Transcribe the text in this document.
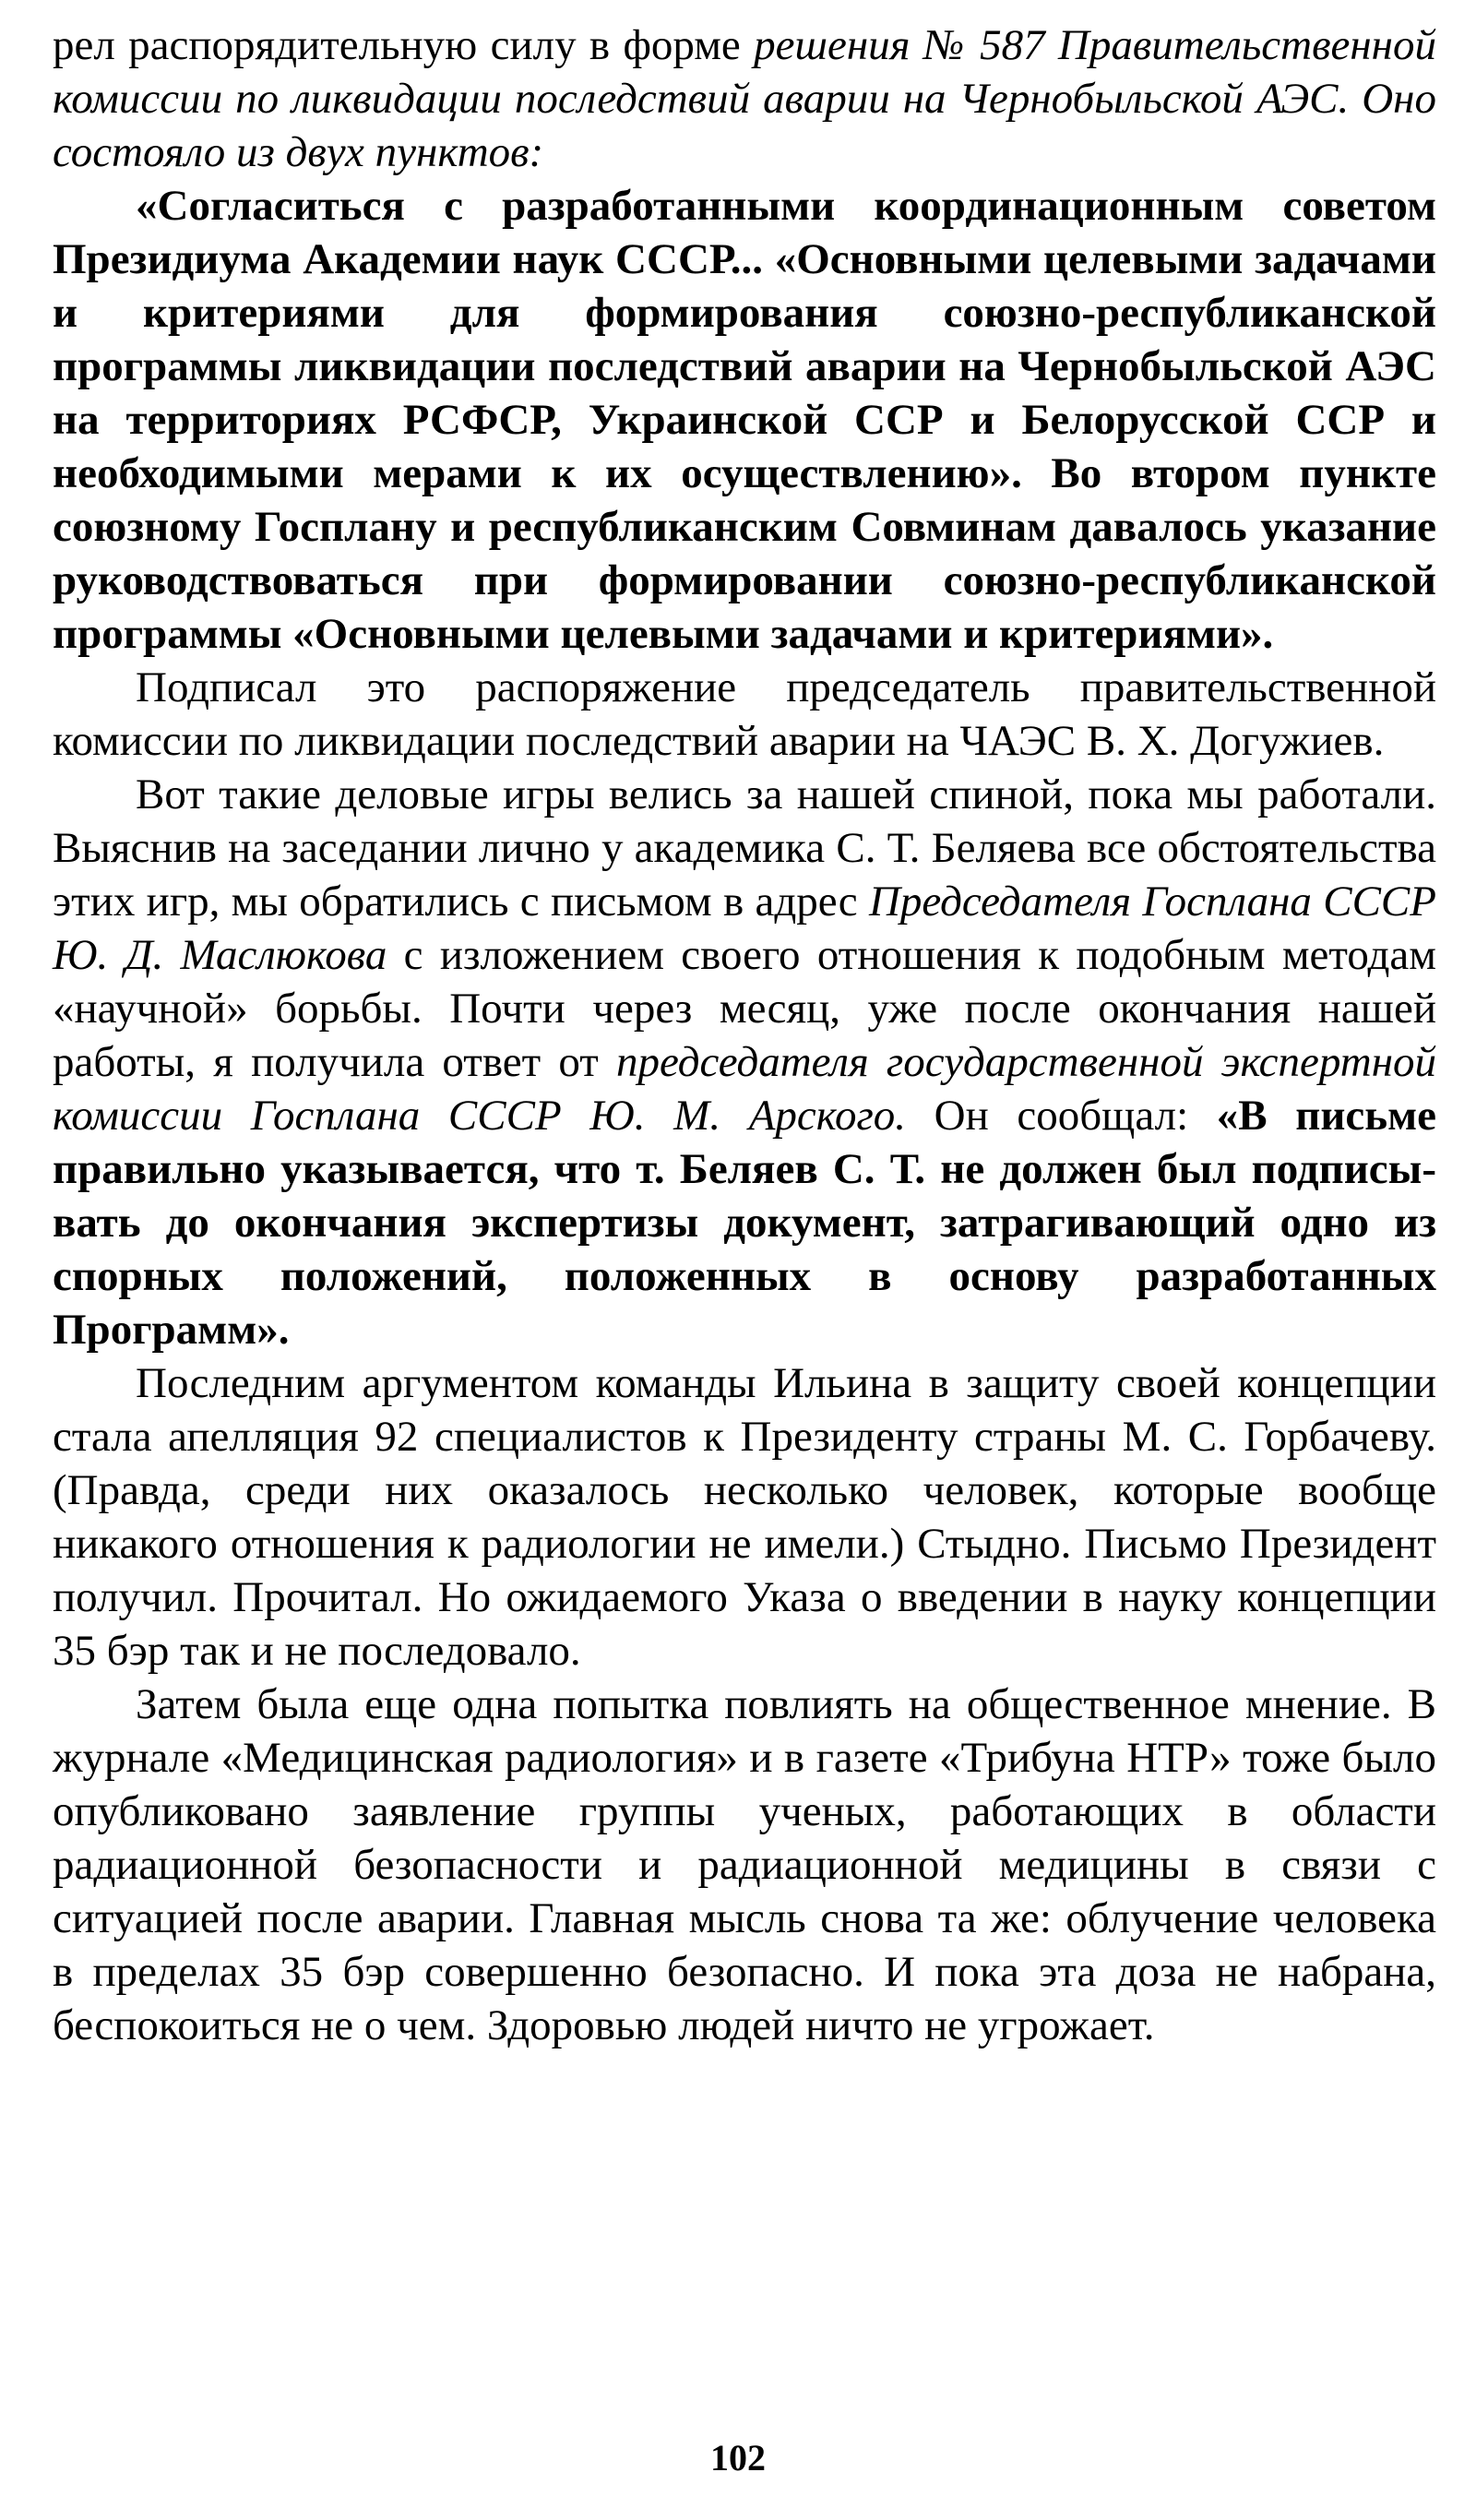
рел распорядительную силу в форме решения № 587 Правительственной комиссии по ликвидации последствий аварии на Чернобыльской АЭС. Оно состояло из двух пунктов:

«Согласиться с разработанными координационным советом Президиума Академии наук СССР... «Основными целевыми задачами и критериями для формирования союзно-республиканской программы ликвидации последствий аварии на Чернобыльской АЭС на территориях РСФСР, Украинской ССР и Белорусской ССР и необходимыми мерами к их осуществлению». Во втором пункте союзному Госплану и республиканским Совминам давалось указание руководствоваться при формировании союзно-республиканской программы «Основными целевыми задачами и критериями».

Подписал это распоряжение председатель правительственной комиссии по ликвидации последствий аварии на ЧАЭС В. Х. Догужиев.

Вот такие деловые игры велись за нашей спиной, пока мы работали. Выяснив на заседании лично у академика С. Т. Беляева все обстоятельства этих игр, мы обратились с письмом в адрес Председателя Госплана СССР Ю. Д. Маслюкова с изложением своего отношения к подобным методам «научной» борьбы. Почти через месяц, уже после окончания нашей работы, я получила ответ от председателя государственной экспертной комиссии Госплана СССР Ю. М. Арского. Он сообщал: «В письме правильно указывается, что т. Беляев С. Т. не должен был подписывать до окончания экспертизы документ, затрагивающий одно из спорных положений, положенных в основу разработанных Программ».

Последним аргументом команды Ильина в защиту своей концепции стала апелляция 92 специалистов к Президенту страны М. С. Горбачеву. (Правда, среди них оказалось несколько человек, которые вообще никакого отношения к радиологии не имели.) Стыдно. Письмо Президент получил. Прочитал. Но ожидаемого Указа о введении в науку концепции 35 бэр так и не последовало.

Затем была еще одна попытка повлиять на общественное мнение. В журнале «Медицинская радиология» и в газете «Трибуна НТР» тоже было опубликовано заявление группы ученых, работающих в области радиационной безопасности и радиационной медицины в связи с ситуацией после аварии. Главная мысль снова та же: облучение человека в пределах 35 бэр совершенно безопасно. И пока эта доза не набрана, беспокоиться не о чем. Здоровью людей ничто не угрожает.

102
